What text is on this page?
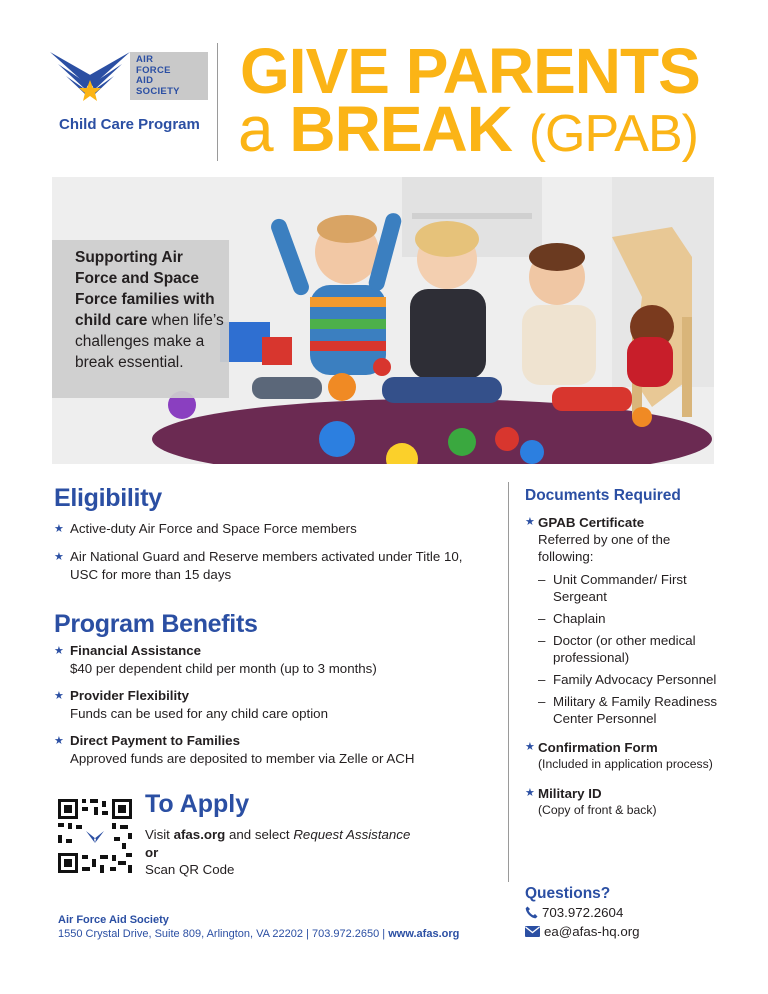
AIR
FORCE
AID
SOCIETY
Child Care Program
GIVE PARENTS
a BREAK (GPAB)

Supporting Air Force and Space Force families with child care when life’s challenges make a break essential.

Eligibility
★ Active-duty Air Force and Space Force members
★ Air National Guard and Reserve members activated under Title 10, USC for more than 15 days
Program Benefits
★ Financial Assistance
$40 per dependent child per month (up to 3 months)
★ Provider Flexibility
Funds can be used for any child care option
★ Direct Payment to Families
Approved funds are deposited to member via Zelle or ACH
To Apply
Visit afas.org and select Request Assistance
or
Scan QR Code
Air Force Aid Society
1550 Crystal Drive, Suite 809, Arlington, VA 22202 | 703.972.2650 | www.afas.org
Documents Required
★ GPAB Certificate
Referred by one of the following:
– Unit Commander/ First Sergeant
– Chaplain
– Doctor (or other medical professional)
– Family Advocacy Personnel
– Military & Family Readiness Center Personnel
★ Confirmation Form
(Included in application process)
★ Military ID
(Copy of front & back)
Questions?
703.972.2604
ea@afas-hq.org
